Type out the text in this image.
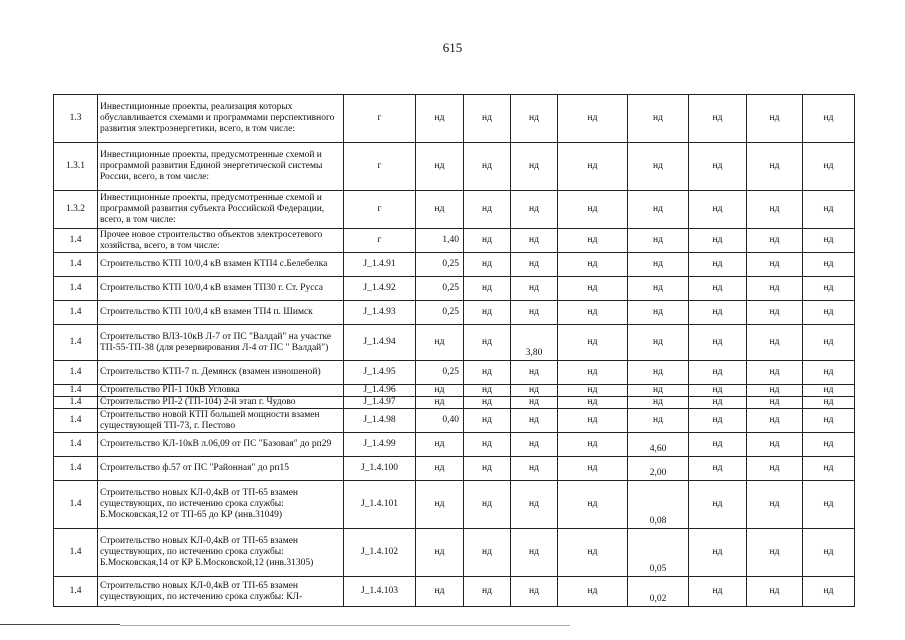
615
1.3	Инвестиционные проекты, реализация которых обуславливается схемами и программами перспективного развития электроэнергетики, всего, в том числе:	г	нд	нд	нд	нд	нд	нд	нд	нд	
1.3.1	Инвестиционные проекты, предусмотренные схемой и программой развития Единой энергетической системы России, всего, в том числе:	г	нд	нд	нд	нд	нд	нд	нд	нд	
1.3.2	Инвестиционные проекты, предусмотренные схемой и программой развития субъекта Российской Федерации, всего, в том числе:	г	нд	нд	нд	нд	нд	нд	нд	нд	
1.4	Прочее новое строительство объектов электросетевого хозяйства, всего, в том числе:	г	1,40	нд	нд	нд	нд	нд	нд	нд	
1.4	Строительство КТП 10/0,4 кВ взамен КТП4 с.Белебелка	J_1.4.91	0,25	нд	нд	нд	нд	нд	нд	нд	
1.4	Строительство КТП 10/0,4 кВ взамен ТП30 г. Ст. Русса	J_1.4.92	0,25	нд	нд	нд	нд	нд	нд	нд	
1.4	Строительство КТП 10/0,4 кВ взамен ТП4 п. Шимск	J_1.4.93	0,25	нд	нд	нд	нд	нд	нд	нд	
1.4	Строительство ВЛЗ-10кВ Л-7 от ПС "Валдай" на участке ТП-55-ТП-38 (для резервирования Л-4 от ПС " Валдай")	J_1.4.94	нд	нд	3,80	нд	нд	нд	нд	нд	
1.4	Строительство КТП-7 п. Демянск (взамен изношеной)	J_1.4.95	0,25	нд	нд	нд	нд	нд	нд	нд	
1.4	Строительство РП-1 10кВ Угловка	J_1.4.96	нд	нд	нд	нд	нд	нд	нд	нд	
1.4	Строительство РП-2 (ТП-104) 2-й этап г. Чудово	J_1.4.97	нд	нд	нд	нд	нд	нд	нд	нд	
1.4	Строительство новой КТП большей мощности взамен существующей ТП-73, г. Пестово	J_1.4.98	0,40	нд	нд	нд	нд	нд	нд	нд	
1.4	Строительство КЛ-10кВ л.06,09 от ПС "Базовая" до рп29	J_1.4.99	нд	нд	нд	нд	4,60	нд	нд	нд	
1.4	Строительство ф.57 от ПС "Районная" до рп15	J_1.4.100	нд	нд	нд	нд	2,00	нд	нд	нд	
1.4	Строительство новых КЛ-0,4кВ от ТП-65 взамен существующих, по истечению срока службы: Б.Московская,12 от ТП-65 до КР (инв.31049)	J_1.4.101	нд	нд	нд	нд	0,08	нд	нд	нд	
1.4	Строительство новых КЛ-0,4кВ от ТП-65 взамен существующих, по истечению срока службы: Б.Московская,14 от КР Б.Московской,12 (инв.31305)	J_1.4.102	нд	нд	нд	нд	0,05	нд	нд	нд	
1.4	Строительство новых КЛ-0,4кВ от ТП-65 взамен существующих, по истечению срока службы: КЛ-	J_1.4.103	нд	нд	нд	нд	0,02	нд	нд	нд	
